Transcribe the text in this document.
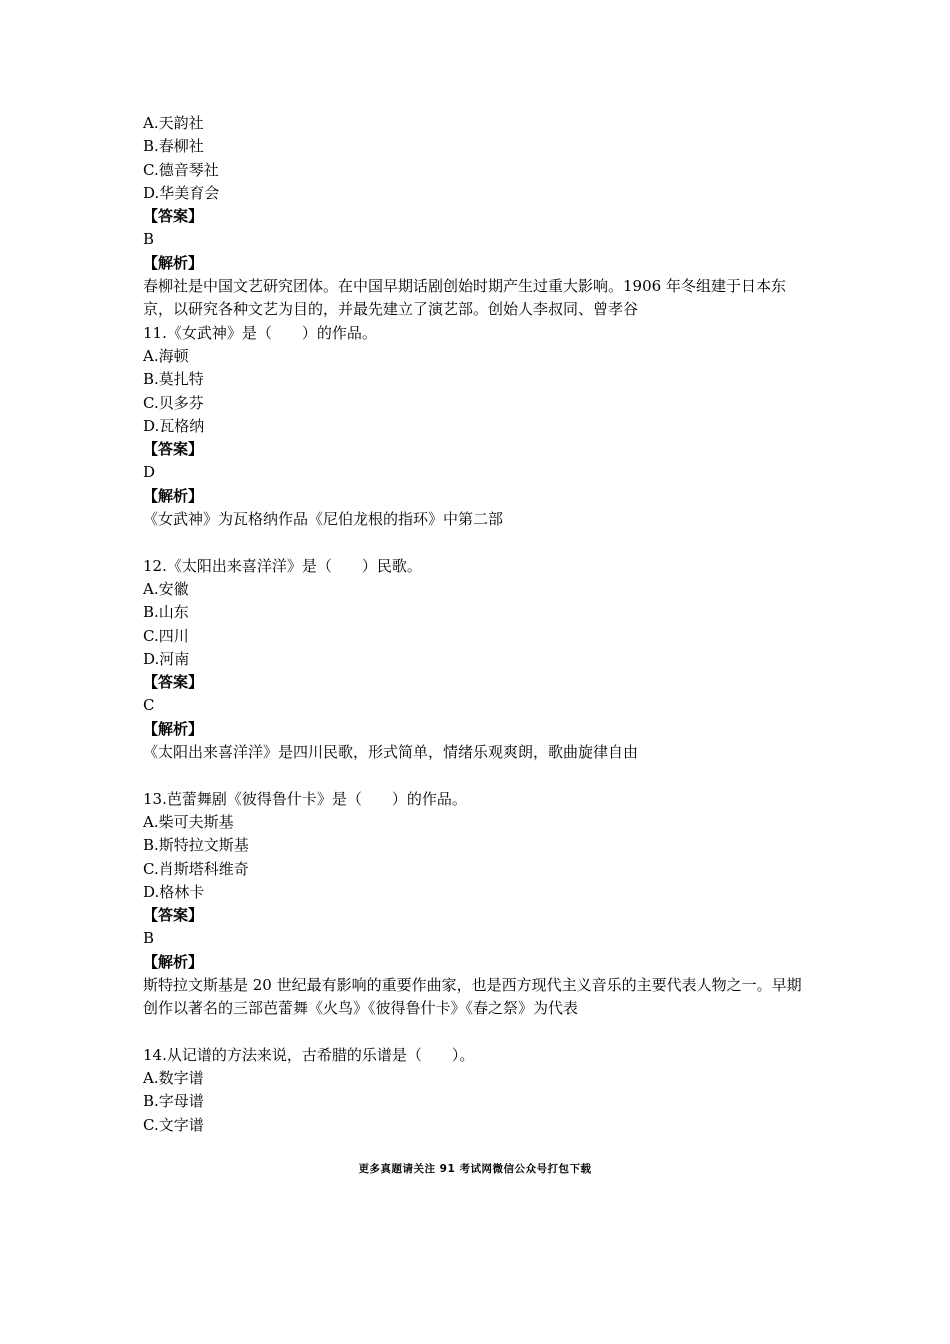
A.天韵社
B.春柳社
C.德音琴社
D.华美育会
【答案】
B
【解析】
春柳社是中国文艺研究团体。在中国早期话剧创始时期产生过重大影响。1906 年冬组建于日本东京，以研究各种文艺为目的，并最先建立了演艺部。创始人李叔同、曾孝谷
11.《女武神》是（　　）的作品。
A.海顿
B.莫扎特
C.贝多芬
D.瓦格纳
【答案】
D
【解析】
《女武神》为瓦格纳作品《尼伯龙根的指环》中第二部
12.《太阳出来喜洋洋》是（　　）民歌。
A.安徽
B.山东
C.四川
D.河南
【答案】
C
【解析】
《太阳出来喜洋洋》是四川民歌，形式简单，情绪乐观爽朗，歌曲旋律自由
13.芭蕾舞剧《彼得鲁什卡》是（　　）的作品。
A.柴可夫斯基
B.斯特拉文斯基
C.肖斯塔科维奇
D.格林卡
【答案】
B
【解析】
斯特拉文斯基是 20 世纪最有影响的重要作曲家，也是西方现代主义音乐的主要代表人物之一。早期创作以著名的三部芭蕾舞《火鸟》《彼得鲁什卡》《春之祭》为代表
14.从记谱的方法来说，古希腊的乐谱是（　　）。
A.数字谱
B.字母谱
C.文字谱
更多真题请关注 91 考试网微信公众号打包下载
